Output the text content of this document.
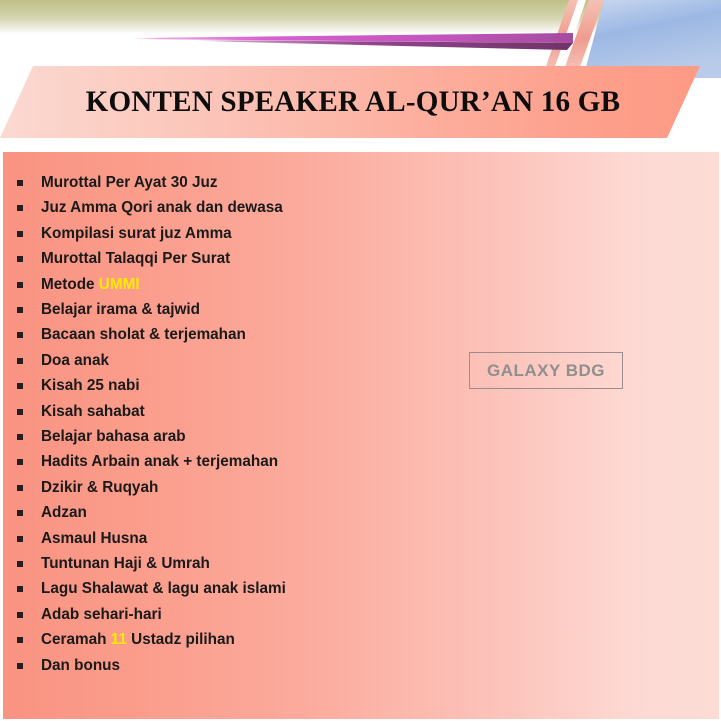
KONTEN SPEAKER AL-QUR’AN 16 GB
GALAXY BDG
Murottal Per Ayat 30 Juz
Juz Amma Qori anak dan dewasa
Kompilasi surat juz Amma
Murottal Talaqqi Per Surat
Metode UMMI
Belajar irama & tajwid
Bacaan sholat & terjemahan
Doa anak
Kisah 25 nabi
Kisah sahabat
Belajar bahasa arab
Hadits Arbain anak + terjemahan
Dzikir & Ruqyah
Adzan
Asmaul Husna
Tuntunan Haji & Umrah
Lagu Shalawat & lagu anak islami
Adab sehari-hari
Ceramah 11 Ustadz pilihan
Dan bonus
